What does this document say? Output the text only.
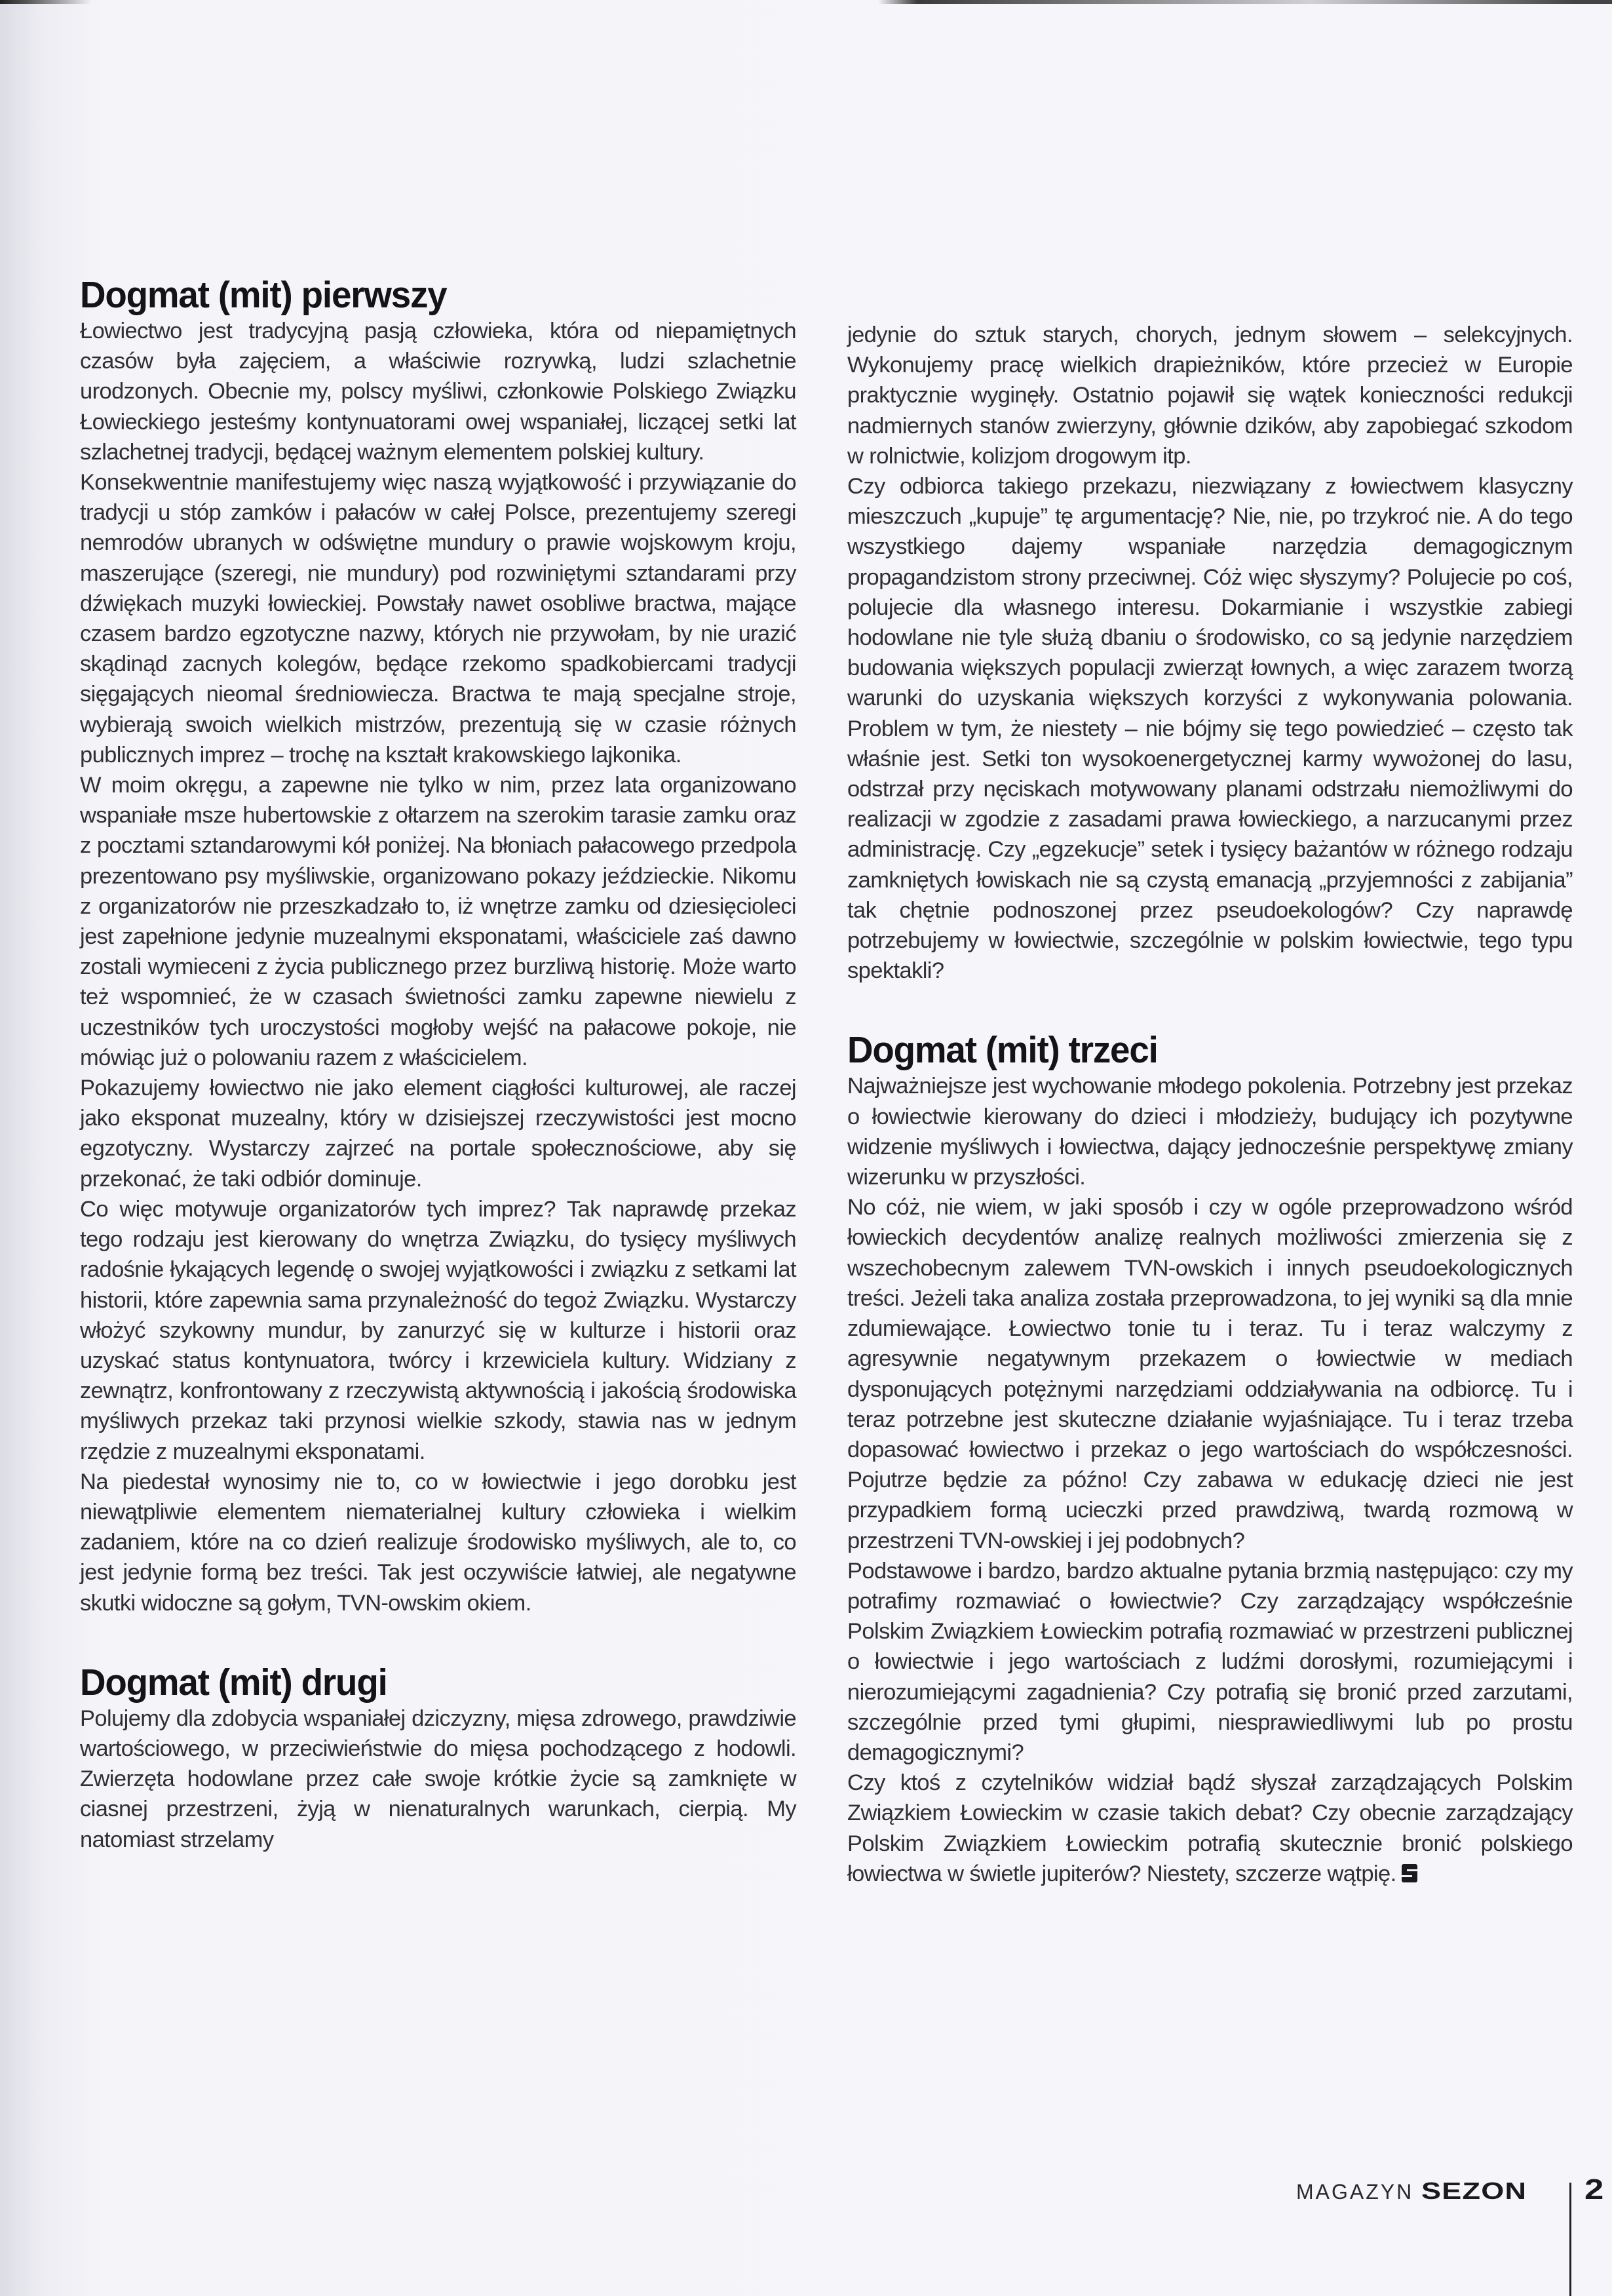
Dogmat (mit) pierwszy

Łowiectwo jest tradycyjną pasją człowieka, która od niepamiętnych czasów była zajęciem, a właściwie rozrywką, ludzi szlachetnie urodzonych. Obecnie my, polscy myśliwi, członkowie Polskiego Związku Łowieckiego jesteśmy kontynuatorami owej wspaniałej, liczącej setki lat szlachetnej tradycji, będącej ważnym elementem polskiej kultury.

Konsekwentnie manifestujemy więc naszą wyjątkowość i przywiązanie do tradycji u stóp zamków i pałaców w całej Polsce, prezentujemy szeregi nemrodów ubranych w odświętne mundury o prawie wojskowym kroju, maszerujące (szeregi, nie mundury) pod rozwiniętymi sztandarami przy dźwiękach muzyki łowieckiej. Powstały nawet osobliwe bractwa, mające czasem bardzo egzotyczne nazwy, których nie przywołam, by nie urazić skądinąd zacnych kolegów, będące rzekomo spadkobiercami tradycji sięgających nieomal średniowiecza. Bractwa te mają specjalne stroje, wybierają swoich wielkich mistrzów, prezentują się w czasie różnych publicznych imprez – trochę na kształt krakowskiego lajkonika.

W moim okręgu, a zapewne nie tylko w nim, przez lata organizowano wspaniałe msze hubertowskie z ołtarzem na szerokim tarasie zamku oraz z pocztami sztandarowymi kół poniżej. Na błoniach pałacowego przedpola prezentowano psy myśliwskie, organizowano pokazy jeździeckie. Nikomu z organizatorów nie przeszkadzało to, iż wnętrze zamku od dziesięcioleci jest zapełnione jedynie muzealnymi eksponatami, właściciele zaś dawno zostali wymieceni z życia publicznego przez burzliwą historię. Może warto też wspomnieć, że w czasach świetności zamku zapewne niewielu z uczestników tych uroczystości mogłoby wejść na pałacowe pokoje, nie mówiąc już o polowaniu razem z właścicielem.

Pokazujemy łowiectwo nie jako element ciągłości kulturowej, ale raczej jako eksponat muzealny, który w dzisiejszej rzeczywistości jest mocno egzotyczny. Wystarczy zajrzeć na portale społecznościowe, aby się przekonać, że taki odbiór dominuje.

Co więc motywuje organizatorów tych imprez? Tak naprawdę przekaz tego rodzaju jest kierowany do wnętrza Związku, do tysięcy myśliwych radośnie łykających legendę o swojej wyjątkowości i związku z setkami lat historii, które zapewnia sama przynależność do tegoż Związku. Wystarczy włożyć szykowny mundur, by zanurzyć się w kulturze i historii oraz uzyskać status kontynuatora, twórcy i krzewiciela kultury. Widziany z zewnątrz, konfrontowany z rzeczywistą aktywnością i jakością środowiska myśliwych przekaz taki przynosi wielkie szkody, stawia nas w jednym rzędzie z muzealnymi eksponatami.

Na piedestał wynosimy nie to, co w łowiectwie i jego dorobku jest niewątpliwie elementem niematerialnej kultury człowieka i wielkim zadaniem, które na co dzień realizuje środowisko myśliwych, ale to, co jest jedynie formą bez treści. Tak jest oczywiście łatwiej, ale negatywne skutki widoczne są gołym, TVN-owskim okiem.

Dogmat (mit) drugi

Polujemy dla zdobycia wspaniałej dziczyzny, mięsa zdrowego, prawdziwie wartościowego, w przeciwieństwie do mięsa pochodzącego z hodowli. Zwierzęta hodowlane przez całe swoje krótkie życie są zamknięte w ciasnej przestrzeni, żyją w nienaturalnych warunkach, cierpią. My natomiast strzelamy

jedynie do sztuk starych, chorych, jednym słowem – selekcyjnych. Wykonujemy pracę wielkich drapieżników, które przecież w Europie praktycznie wyginęły. Ostatnio pojawił się wątek konieczności redukcji nadmiernych stanów zwierzyny, głównie dzików, aby zapobiegać szkodom w rolnictwie, kolizjom drogowym itp.

Czy odbiorca takiego przekazu, niezwiązany z łowiectwem klasyczny mieszczuch „kupuje” tę argumentację? Nie, nie, po trzykroć nie. A do tego wszystkiego dajemy wspaniałe narzędzia demagogicznym propagandzistom strony przeciwnej. Cóż więc słyszymy? Polujecie po coś, polujecie dla własnego interesu. Dokarmianie i wszystkie zabiegi hodowlane nie tyle służą dbaniu o środowisko, co są jedynie narzędziem budowania większych populacji zwierząt łownych, a więc zarazem tworzą warunki do uzyskania większych korzyści z wykonywania polowania. Problem w tym, że niestety – nie bójmy się tego powiedzieć – często tak właśnie jest. Setki ton wysokoenergetycznej karmy wywożonej do lasu, odstrzał przy nęciskach motywowany planami odstrzału niemożliwymi do realizacji w zgodzie z zasadami prawa łowieckiego, a narzucanymi przez administrację. Czy „egzekucje” setek i tysięcy bażantów w różnego rodzaju zamkniętych łowiskach nie są czystą emanacją „przyjemności z zabijania” tak chętnie podnoszonej przez pseudoekologów? Czy naprawdę potrzebujemy w łowiectwie, szczególnie w polskim łowiectwie, tego typu spektakli?

Dogmat (mit) trzeci

Najważniejsze jest wychowanie młodego pokolenia. Potrzebny jest przekaz o łowiectwie kierowany do dzieci i młodzieży, budujący ich pozytywne widzenie myśliwych i łowiectwa, dający jednocześnie perspektywę zmiany wizerunku w przyszłości.

No cóż, nie wiem, w jaki sposób i czy w ogóle przeprowadzono wśród łowieckich decydentów analizę realnych możliwości zmierzenia się z wszechobecnym zalewem TVN-owskich i innych pseudoekologicznych treści. Jeżeli taka analiza została przeprowadzona, to jej wyniki są dla mnie zdumiewające. Łowiectwo tonie tu i teraz. Tu i teraz walczymy z agresywnie negatywnym przekazem o łowiectwie w mediach dysponujących potężnymi narzędziami oddziaływania na odbiorcę. Tu i teraz potrzebne jest skuteczne działanie wyjaśniające. Tu i teraz trzeba dopasować łowiectwo i przekaz o jego wartościach do współczesności. Pojutrze będzie za późno! Czy zabawa w edukację dzieci nie jest przypadkiem formą ucieczki przed prawdziwą, twardą rozmową w przestrzeni TVN-owskiej i jej podobnych?

Podstawowe i bardzo, bardzo aktualne pytania brzmią następująco: czy my potrafimy rozmawiać o łowiectwie? Czy zarządzający współcześnie Polskim Związkiem Łowieckim potrafią rozmawiać w przestrzeni publicznej o łowiectwie i jego wartościach z ludźmi dorosłymi, rozumiejącymi i nierozumiejącymi zagadnienia? Czy potrafią się bronić przed zarzutami, szczególnie przed tymi głupimi, niesprawiedliwymi lub po prostu demagogicznymi?

Czy ktoś z czytelników widział bądź słyszał zarządzających Polskim Związkiem Łowieckim w czasie takich debat? Czy obecnie zarządzający Polskim Związkiem Łowieckim potrafią skutecznie bronić polskiego łowiectwa w świetle jupiterów? Niestety, szczerze wątpię.

MAGAZYN SEZON 2
